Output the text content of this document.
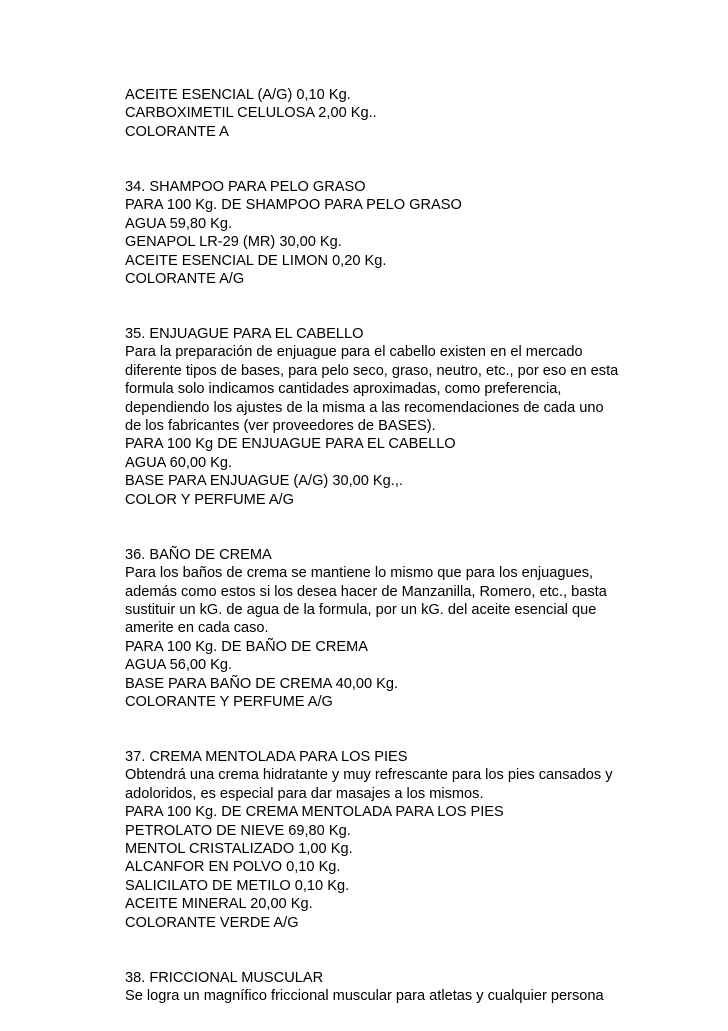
ACEITE ESENCIAL (A/G) 0,10 Kg.
CARBOXIMETIL CELULOSA 2,00 Kg..
COLORANTE A
34. SHAMPOO PARA PELO GRASO
PARA 100 Kg. DE SHAMPOO PARA PELO GRASO
AGUA 59,80 Kg.
GENAPOL LR-29 (MR) 30,00 Kg.
ACEITE ESENCIAL DE LIMON 0,20 Kg.
COLORANTE A/G
35. ENJUAGUE PARA EL CABELLO
Para la preparación de enjuague para el cabello existen en el mercado
diferente tipos de bases, para pelo seco, graso, neutro, etc., por eso en esta
formula solo indicamos cantidades aproximadas, como preferencia,
dependiendo los ajustes de la misma a las recomendaciones de cada uno
de los fabricantes (ver proveedores de BASES).
PARA 100 Kg DE ENJUAGUE PARA EL CABELLO
AGUA 60,00 Kg.
BASE PARA ENJUAGUE (A/G) 30,00 Kg.,.
COLOR Y PERFUME A/G
36. BAÑO DE CREMA
Para los baños de crema se mantiene lo mismo que para los enjuagues,
además como estos si los desea hacer de Manzanilla, Romero, etc., basta
sustituir un kG. de agua de la formula, por un kG. del aceite esencial que
amerite en cada caso.
PARA 100 Kg. DE BAÑO DE CREMA
AGUA 56,00 Kg.
BASE PARA BAÑO DE CREMA 40,00 Kg.
COLORANTE Y PERFUME A/G
37. CREMA MENTOLADA PARA LOS PIES
Obtendrá una crema hidratante y muy refrescante para los pies cansados y
adoloridos, es especial para dar masajes a los mismos.
PARA 100 Kg. DE CREMA MENTOLADA PARA LOS PIES
PETROLATO DE NIEVE 69,80 Kg.
MENTOL CRISTALIZADO 1,00 Kg.
ALCANFOR EN POLVO 0,10 Kg.
SALICILATO DE METILO 0,10 Kg.
ACEITE MINERAL 20,00 Kg.
COLORANTE VERDE A/G
38. FRICCIONAL MUSCULAR
Se logra un magnífico friccional muscular para atletas y cualquier persona
